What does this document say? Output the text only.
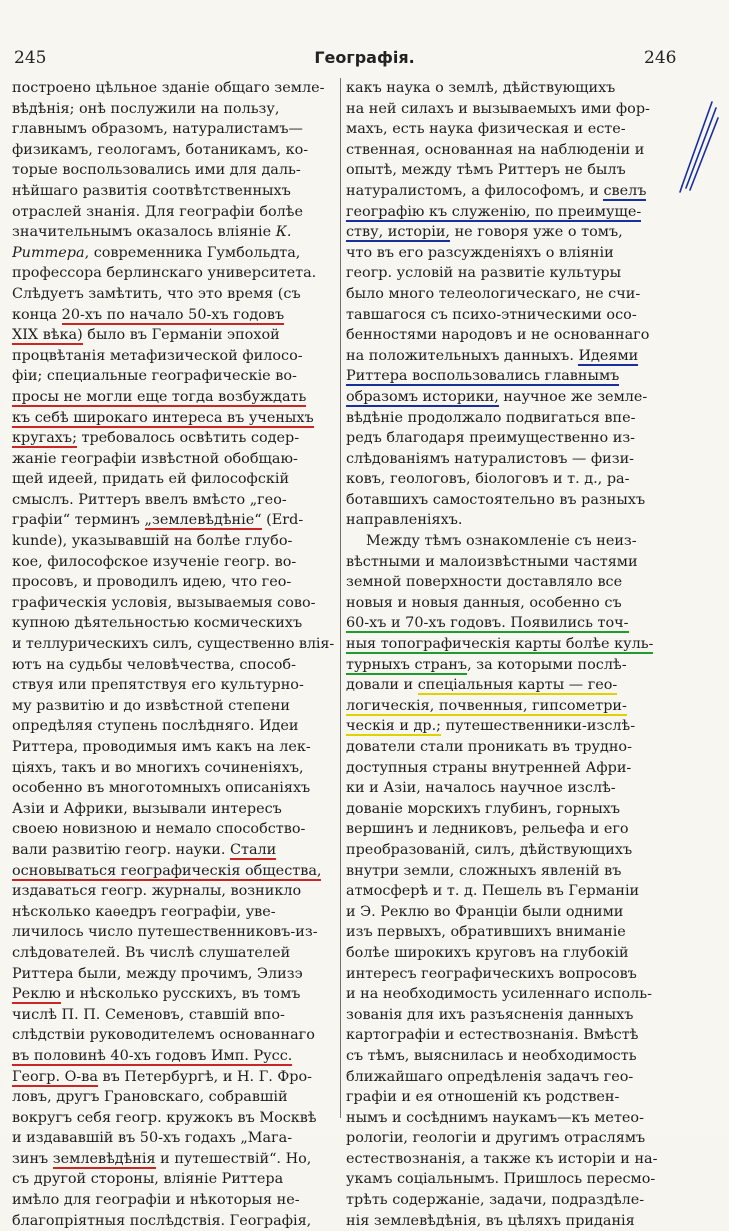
245	Географія.	246
построено цѣльное зданіе общаго земле-
вѣдѣнія; онѣ послужили на пользу,
главнымъ образомъ, натуралистамъ—
физикамъ, геологамъ, ботаникамъ, ко-
торые воспользовались ими для даль-
нѣйшаго развитія соотвѣтственныхъ
отраслей знанія. Для географіи болѣе
значительнымъ оказалось вліяніе К.
Риттера, современника Гумбольдта,
профессора берлинскаго университета.
Слѣдуетъ замѣтить, что это время (съ
конца 20-хъ по начало 50-хъ годовъ
XIX вѣка) было въ Германіи эпохой
процвѣтанія метафизической филосо-
фіи; специальные географическіе во-
просы не могли еще тогда возбуждать
къ себѣ широкаго интереса въ ученыхъ
кругахъ; требовалось освѣтить содер-
жаніе географіи извѣстной обобщаю-
щей идеей, придать ей философскій
смыслъ. Риттеръ ввелъ вмѣсто „гео-
графіи“ терминъ „землевѣдѣніе“ (Erd-
kunde), указывавшій на болѣе глубо-
кое, философское изученіе геогр. во-
просовъ, и проводилъ идею, что гео-
графическія условія, вызываемыя сово-
купною дѣятельностью космическихъ
и теллурическихъ силъ, существенно влія-
ютъ на судьбы человѣчества, способ-
ствуя или препятствуя его культурно-
му развитію и до извѣстной степени
опредѣляя ступень послѣдняго. Идеи
Риттера, проводимыя имъ какъ на лек-
ціяхъ, такъ и во многихъ сочиненіяхъ,
особенно въ многотомныхъ описаніяхъ
Азіи и Африки, вызывали интересъ
своею новизною и немало способство-
вали развитію геогр. науки. Стали
основываться географическія общества,
издаваться геогр. журналы, возникло
нѣсколько каѳедръ географіи, уве-
личилось число путешественниковъ-из-
слѣдователей. Въ числѣ слушателей
Риттера были, между прочимъ, Элизэ
Реклю и нѣсколько русскихъ, въ томъ
числѣ П. П. Семеновъ, ставшій впо-
слѣдствіи руководителемъ основаннаго
въ половинѣ 40-хъ годовъ Имп. Русс.
Геогр. О-ва въ Петербургѣ, и Н. Г. Фро-
ловъ, другъ Грановскаго, собравшій
вокругъ себя геогр. кружокъ въ Москвѣ
и издававшій въ 50-хъ годахъ „Мага-
зинъ землевѣдѣнія и путешествій“. Но,
съ другой стороны, вліяніе Риттера
имѣло для географіи и нѣкоторыя не-
благопріятныя послѣдствія. Географія,
какъ наука о землѣ, дѣйствующихъ
на ней силахъ и вызываемыхъ ими фор-
махъ, есть наука физическая и есте-
ственная, основанная на наблюденіи и
опытѣ, между тѣмъ Риттеръ не былъ
натуралистомъ, а философомъ, и свелъ
географію къ служенію, по преимуще-
ству, исторіи, не говоря уже о томъ,
что въ его разсужденіяхъ о вліяніи
геогр. условій на развитіе культуры
было много телеологическаго, не счи-
тавшагося съ психо-этническими осо-
бенностями народовъ и не основаннаго
на положительныхъ данныхъ. Идеями
Риттера воспользовались главнымъ
образомъ историки, научное же земле-
вѣдѣніе продолжало подвигаться впе-
редъ благодаря преимущественно из-
слѣдованіямъ натуралистовъ — физи-
ковъ, геологовъ, біологовъ и т. д., ра-
ботавшихъ самостоятельно въ разныхъ
направленіяхъ.
Между тѣмъ ознакомленіе съ неиз-
вѣстными и малоизвѣстными частями
земной поверхности доставляло все
новыя и новыя данныя, особенно съ
60-хъ и 70-хъ годовъ. Появились точ-
ныя топографическія карты болѣе куль-
турныхъ странъ, за которыми послѣ-
довали и спеціальныя карты — гео-
логическія, почвенныя, гипсометри-
ческія и др.; путешественники-изслѣ-
дователи стали проникать въ трудно-
доступныя страны внутренней Афри-
ки и Азіи, началось научное изслѣ-
дованіе морскихъ глубинъ, горныхъ
вершинъ и ледниковъ, рельефа и его
преобразованій, силъ, дѣйствующихъ
внутри земли, сложныхъ явленій въ
атмосферѣ и т. д. Пешель въ Германіи
и Э. Реклю во Франціи были одними
изъ первыхъ, обратившихъ вниманіе
болѣе широкихъ круговъ на глубокій
интересъ географическихъ вопросовъ
и на необходимость усиленнаго исполь-
зованія для ихъ разъясненія данныхъ
картографіи и естествознанія. Вмѣстѣ
съ тѣмъ, выяснилась и необходимость
ближайшаго опредѣленія задачъ гео-
графіи и ея отношеній къ родствен-
нымъ и сосѣднимъ наукамъ—къ метео-
рологіи, геологіи и другимъ отраслямъ
естествознанія, а также къ исторіи и на-
укамъ соціальнымъ. Пришлось пересмо-
трѣть содержаніе, задачи, подраздѣле-
нія землевѣдѣнія, въ цѣляхъ приданія
